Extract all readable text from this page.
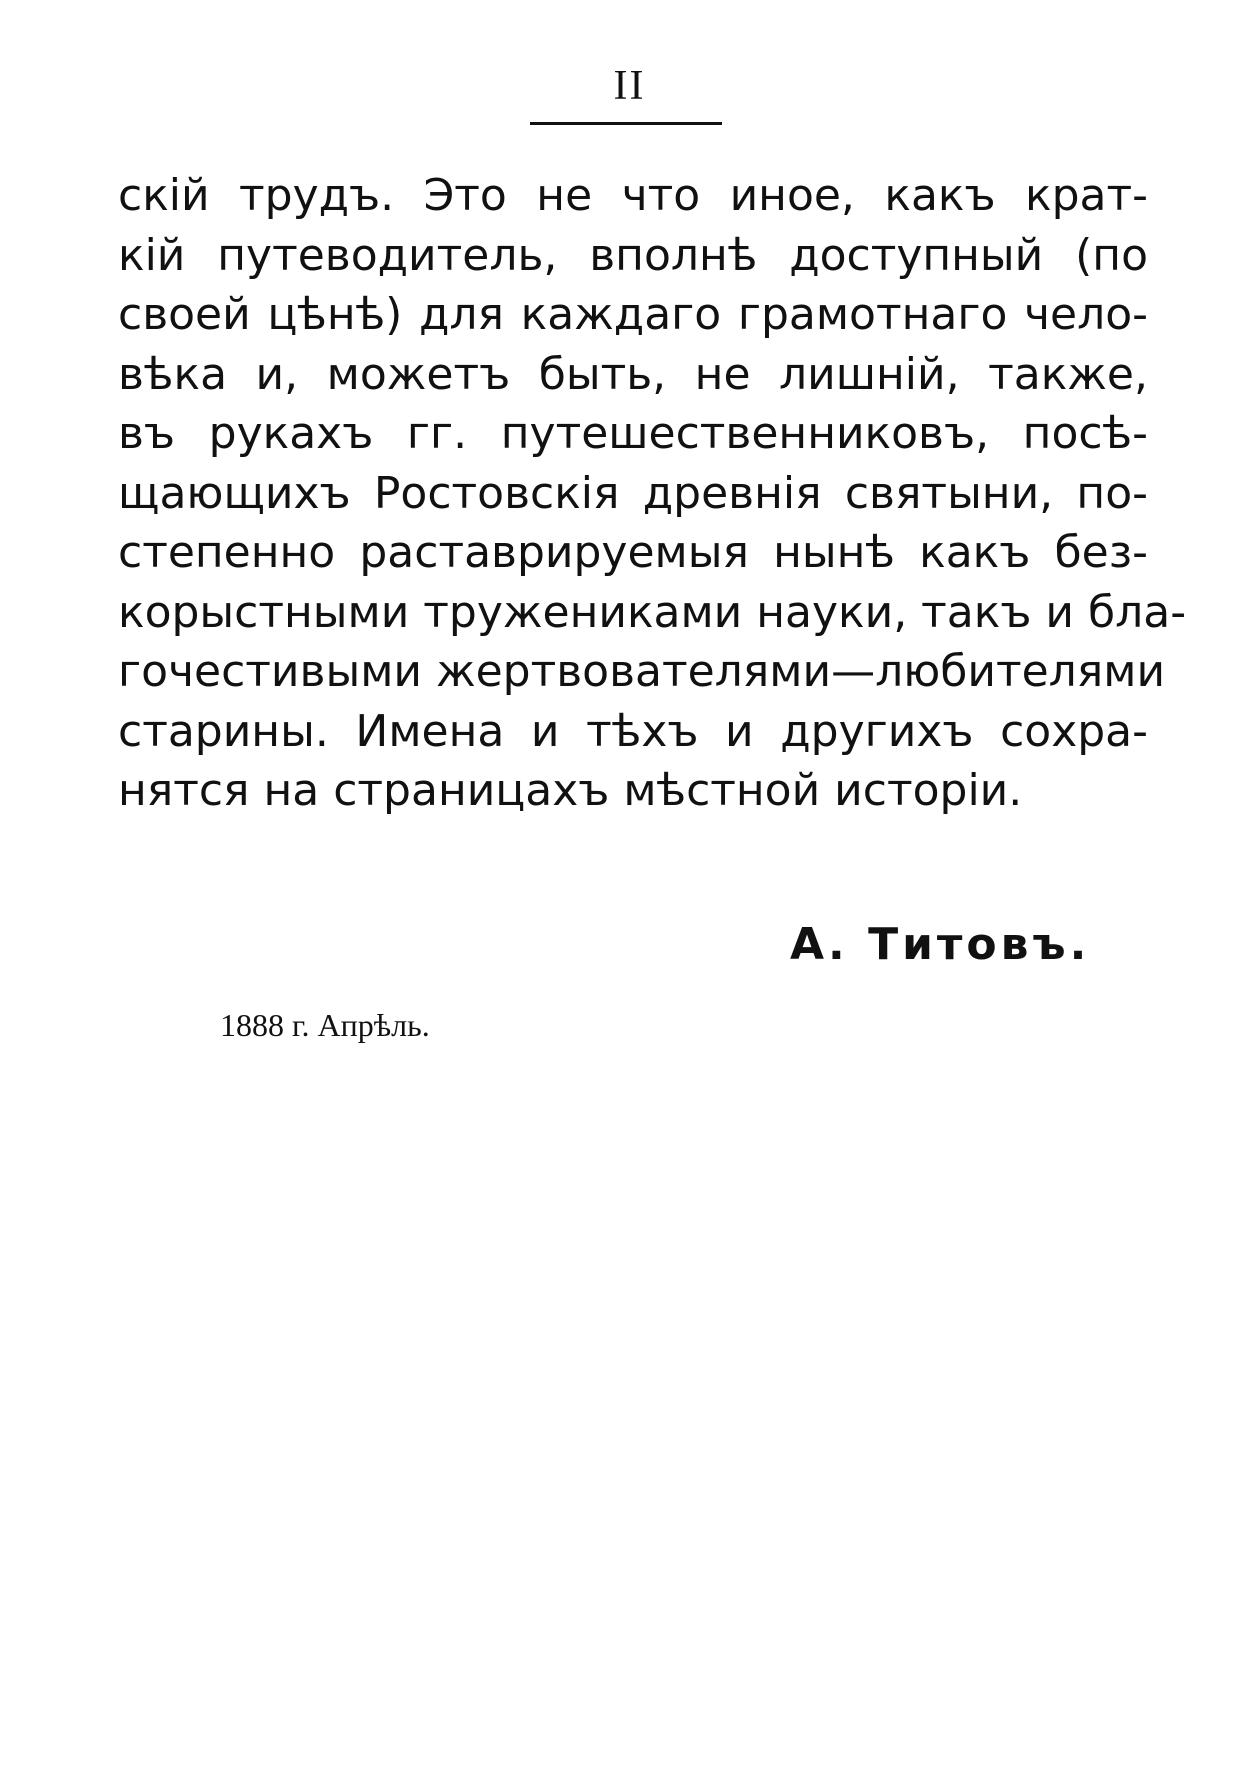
II
скій трудъ. Это не что иное, какъ крат-
кій путеводитель, вполнѣ доступный (по
своей цѣнѣ) для каждаго грамотнаго чело-
вѣка и, можетъ быть, не лишній, также,
въ рукахъ гг. путешественниковъ, посѣ-
щающихъ Ростовскія древнія святыни, по-
степенно раставрируемыя нынѣ какъ без-
корыстными тружениками науки, такъ и бла-
гочестивыми жертвователями—любителями
старины. Имена и тѣхъ и другихъ сохра-
нятся на страницахъ мѣстной исторіи.
А. Титовъ.
1888 г. Апрѣль.
